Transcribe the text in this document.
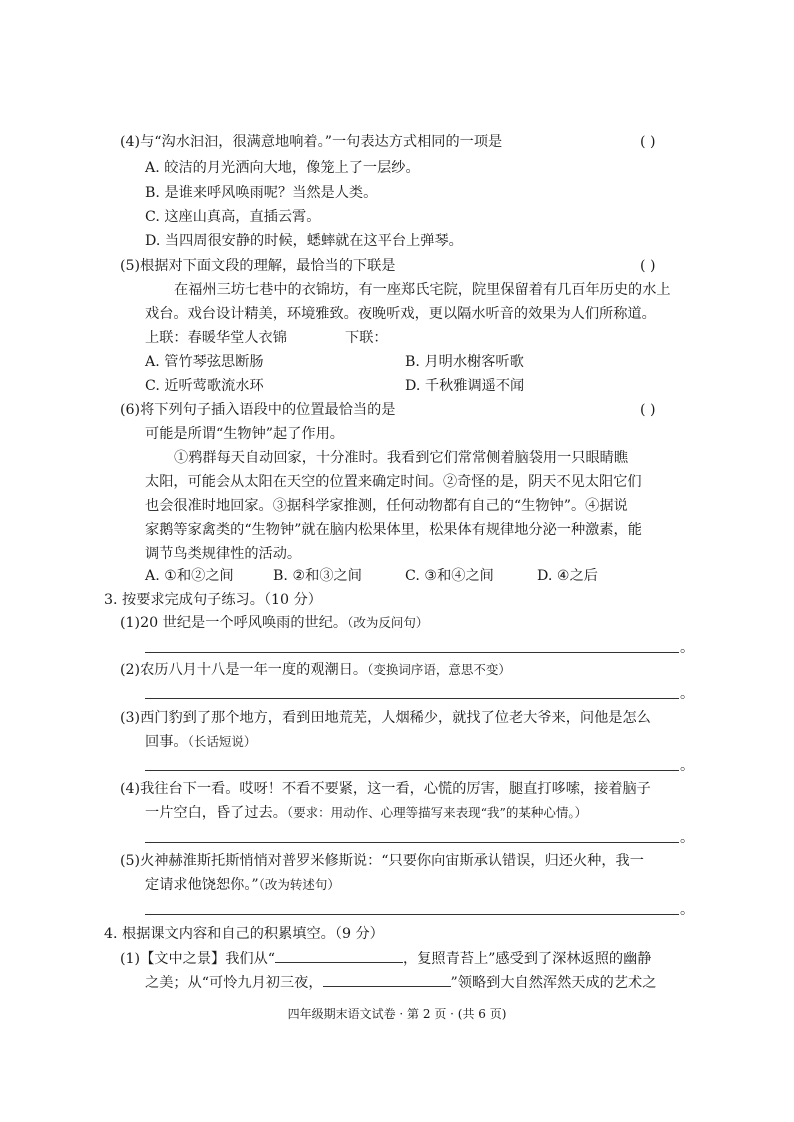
(4)与“沟水汩汩，很满意地响着。”一句表达方式相同的一项是	( )
A. 皎洁的月光洒向大地，像笼上了一层纱。
B. 是谁来呼风唤雨呢？当然是人类。
C. 这座山真高，直插云霄。
D. 当四周很安静的时候，蟋蟀就在这平台上弹琴。
(5)根据对下面文段的理解，最恰当的下联是	( )
在福州三坊七巷中的衣锦坊，有一座郑氏宅院，院里保留着有几百年历史的水上
戏台。戏台设计精美，环境雅致。夜晚听戏，更以隔水听音的效果为人们所称道。
上联：春暖华堂人衣锦	下联：
A. 管竹琴弦思断肠	B. 月明水榭客听歌
C. 近听莺歌流水环	D. 千秋雅调遥不闻
(6)将下列句子插入语段中的位置最恰当的是	( )
可能是所谓“生物钟”起了作用。
①鸦群每天自动回家，十分准时。我看到它们常常侧着脑袋用一只眼睛瞧
太阳，可能会从太阳在天空的位置来确定时间。②奇怪的是，阴天不见太阳它们
也会很准时地回家。③据科学家推测，任何动物都有自己的“生物钟”。④据说
家鹅等家禽类的“生物钟”就在脑内松果体里，松果体有规律地分泌一种激素，能
调节鸟类规律性的活动。
A. ①和②之间	B. ②和③之间	C. ③和④之间	D. ④之后
3. 按要求完成句子练习。（10 分）
(1)20 世纪是一个呼风唤雨的世纪。（改为反问句）
。
(2)农历八月十八是一年一度的观潮日。（变换词序语，意思不变）
。
(3)西门豹到了那个地方，看到田地荒芜，人烟稀少，就找了位老大爷来，问他是怎么
回事。（长话短说）
。
(4)我往台下一看。哎呀！不看不要紧，这一看，心慌的厉害，腿直打哆嗦，接着脑子
一片空白，昏了过去。（要求：用动作、心理等描写来表现“我”的某种心情。）
。
(5)火神赫淮斯托斯悄悄对普罗米修斯说：“只要你向宙斯承认错误，归还火种，我一
定请求他饶恕你。”（改为转述句）
。
4. 根据课文内容和自己的积累填空。（9 分）
(1)【文中之景】我们从“	，复照青苔上”感受到了深林返照的幽静
之美；从“可怜九月初三夜，	”领略到大自然浑然天成的艺术之
四年级期末语文试卷 · 第 2 页 · (共 6 页)
